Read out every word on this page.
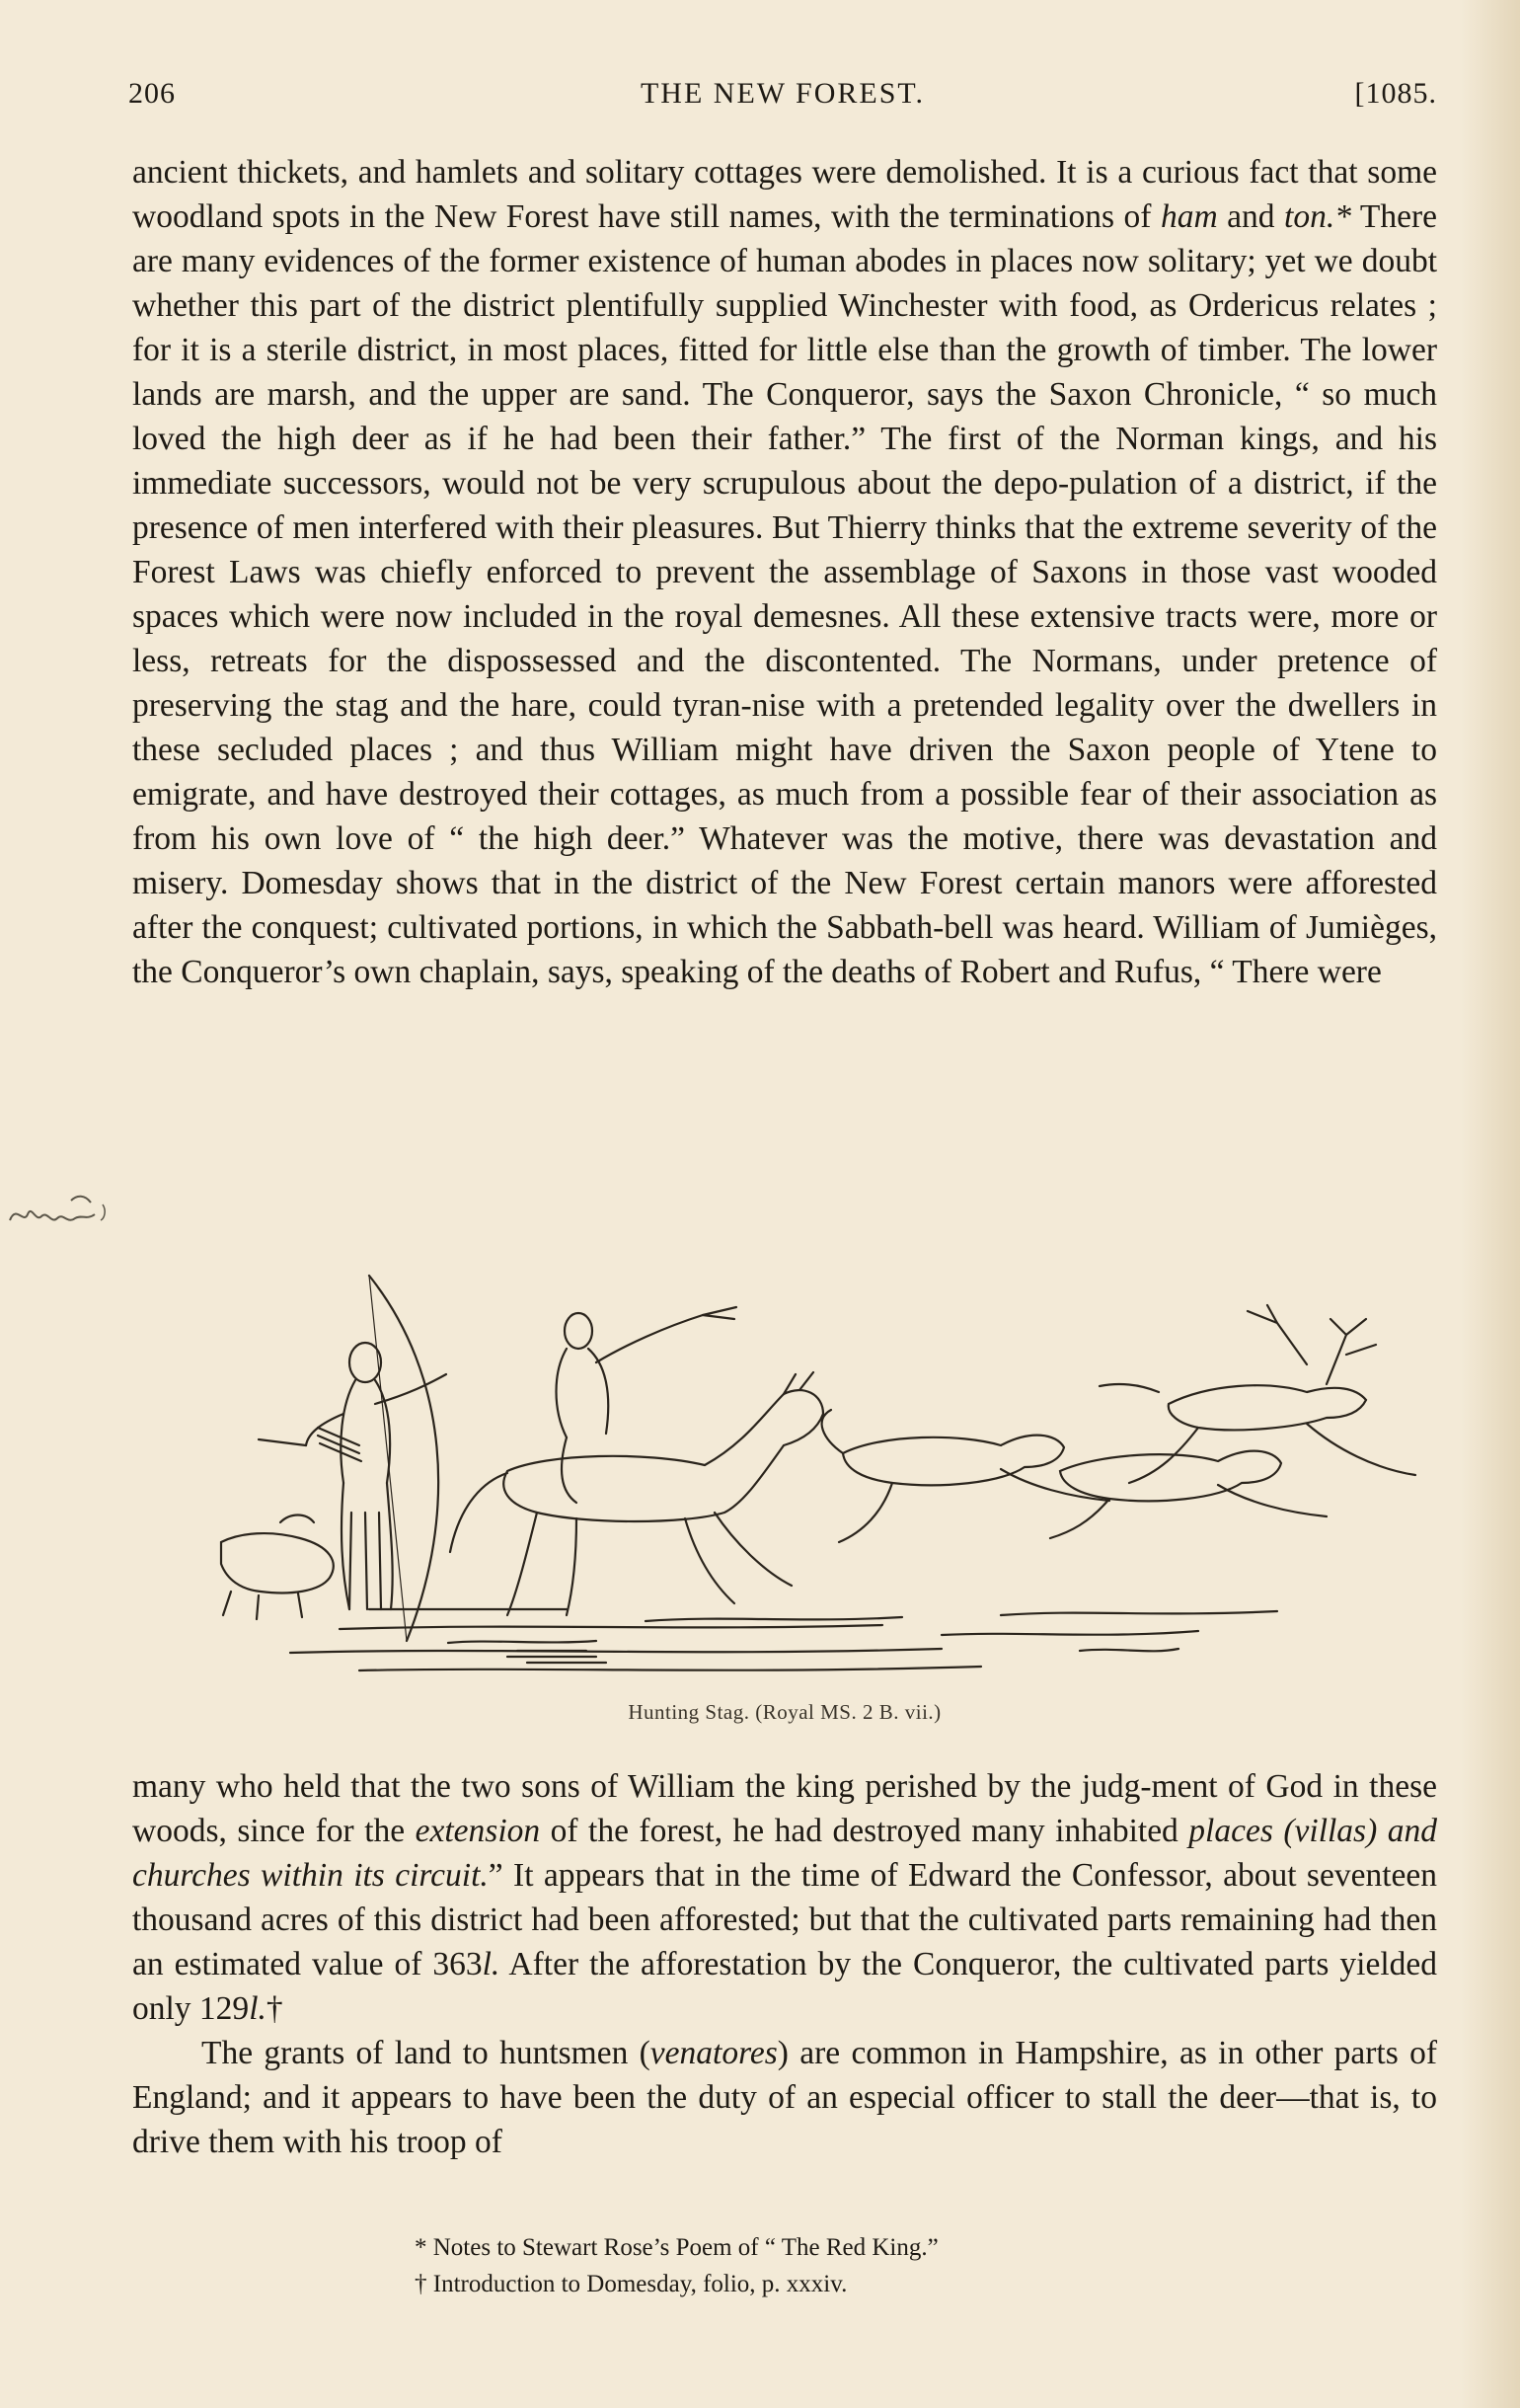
206	THE NEW FOREST.	[1085.

ancient thickets, and hamlets and solitary cottages were demolished. It is a curious fact that some woodland spots in the New Forest have still names, with the terminations of ham and ton.* There are many evidences of the former existence of human abodes in places now solitary; yet we doubt whether this part of the district plentifully supplied Winchester with food, as Ordericus relates ; for it is a sterile district, in most places, fitted for little else than the growth of timber. The lower lands are marsh, and the upper are sand. The Conqueror, says the Saxon Chronicle, “ so much loved the high deer as if he had been their father.” The first of the Norman kings, and his immediate successors, would not be very scrupulous about the depo-pulation of a district, if the presence of men interfered with their pleasures. But Thierry thinks that the extreme severity of the Forest Laws was chiefly enforced to prevent the assemblage of Saxons in those vast wooded spaces which were now included in the royal demesnes. All these extensive tracts were, more or less, retreats for the dispossessed and the discontented. The Normans, under pretence of preserving the stag and the hare, could tyran-nise with a pretended legality over the dwellers in these secluded places ; and thus William might have driven the Saxon people of Ytene to emigrate, and have destroyed their cottages, as much from a possible fear of their association as from his own love of “ the high deer.” Whatever was the motive, there was devastation and misery. Domesday shows that in the district of the New Forest certain manors were afforested after the conquest; cultivated portions, in which the Sabbath-bell was heard. William of Jumièges, the Conqueror’s own chaplain, says, speaking of the deaths of Robert and Rufus, “ There were

Hunting Stag. (Royal MS. 2 B. vii.)

many who held that the two sons of William the king perished by the judg-ment of God in these woods, since for the extension of the forest, he had destroyed many inhabited places (villas) and churches within its circuit.” It appears that in the time of Edward the Confessor, about seventeen thousand acres of this district had been afforested; but that the cultivated parts remaining had then an estimated value of 363l. After the afforestation by the Conqueror, the cultivated parts yielded only 129l.†

The grants of land to huntsmen (venatores) are common in Hampshire, as in other parts of England; and it appears to have been the duty of an especial officer to stall the deer—that is, to drive them with his troop of

* Notes to Stewart Rose’s Poem of “ The Red King.”
† Introduction to Domesday, folio, p. xxxiv.
